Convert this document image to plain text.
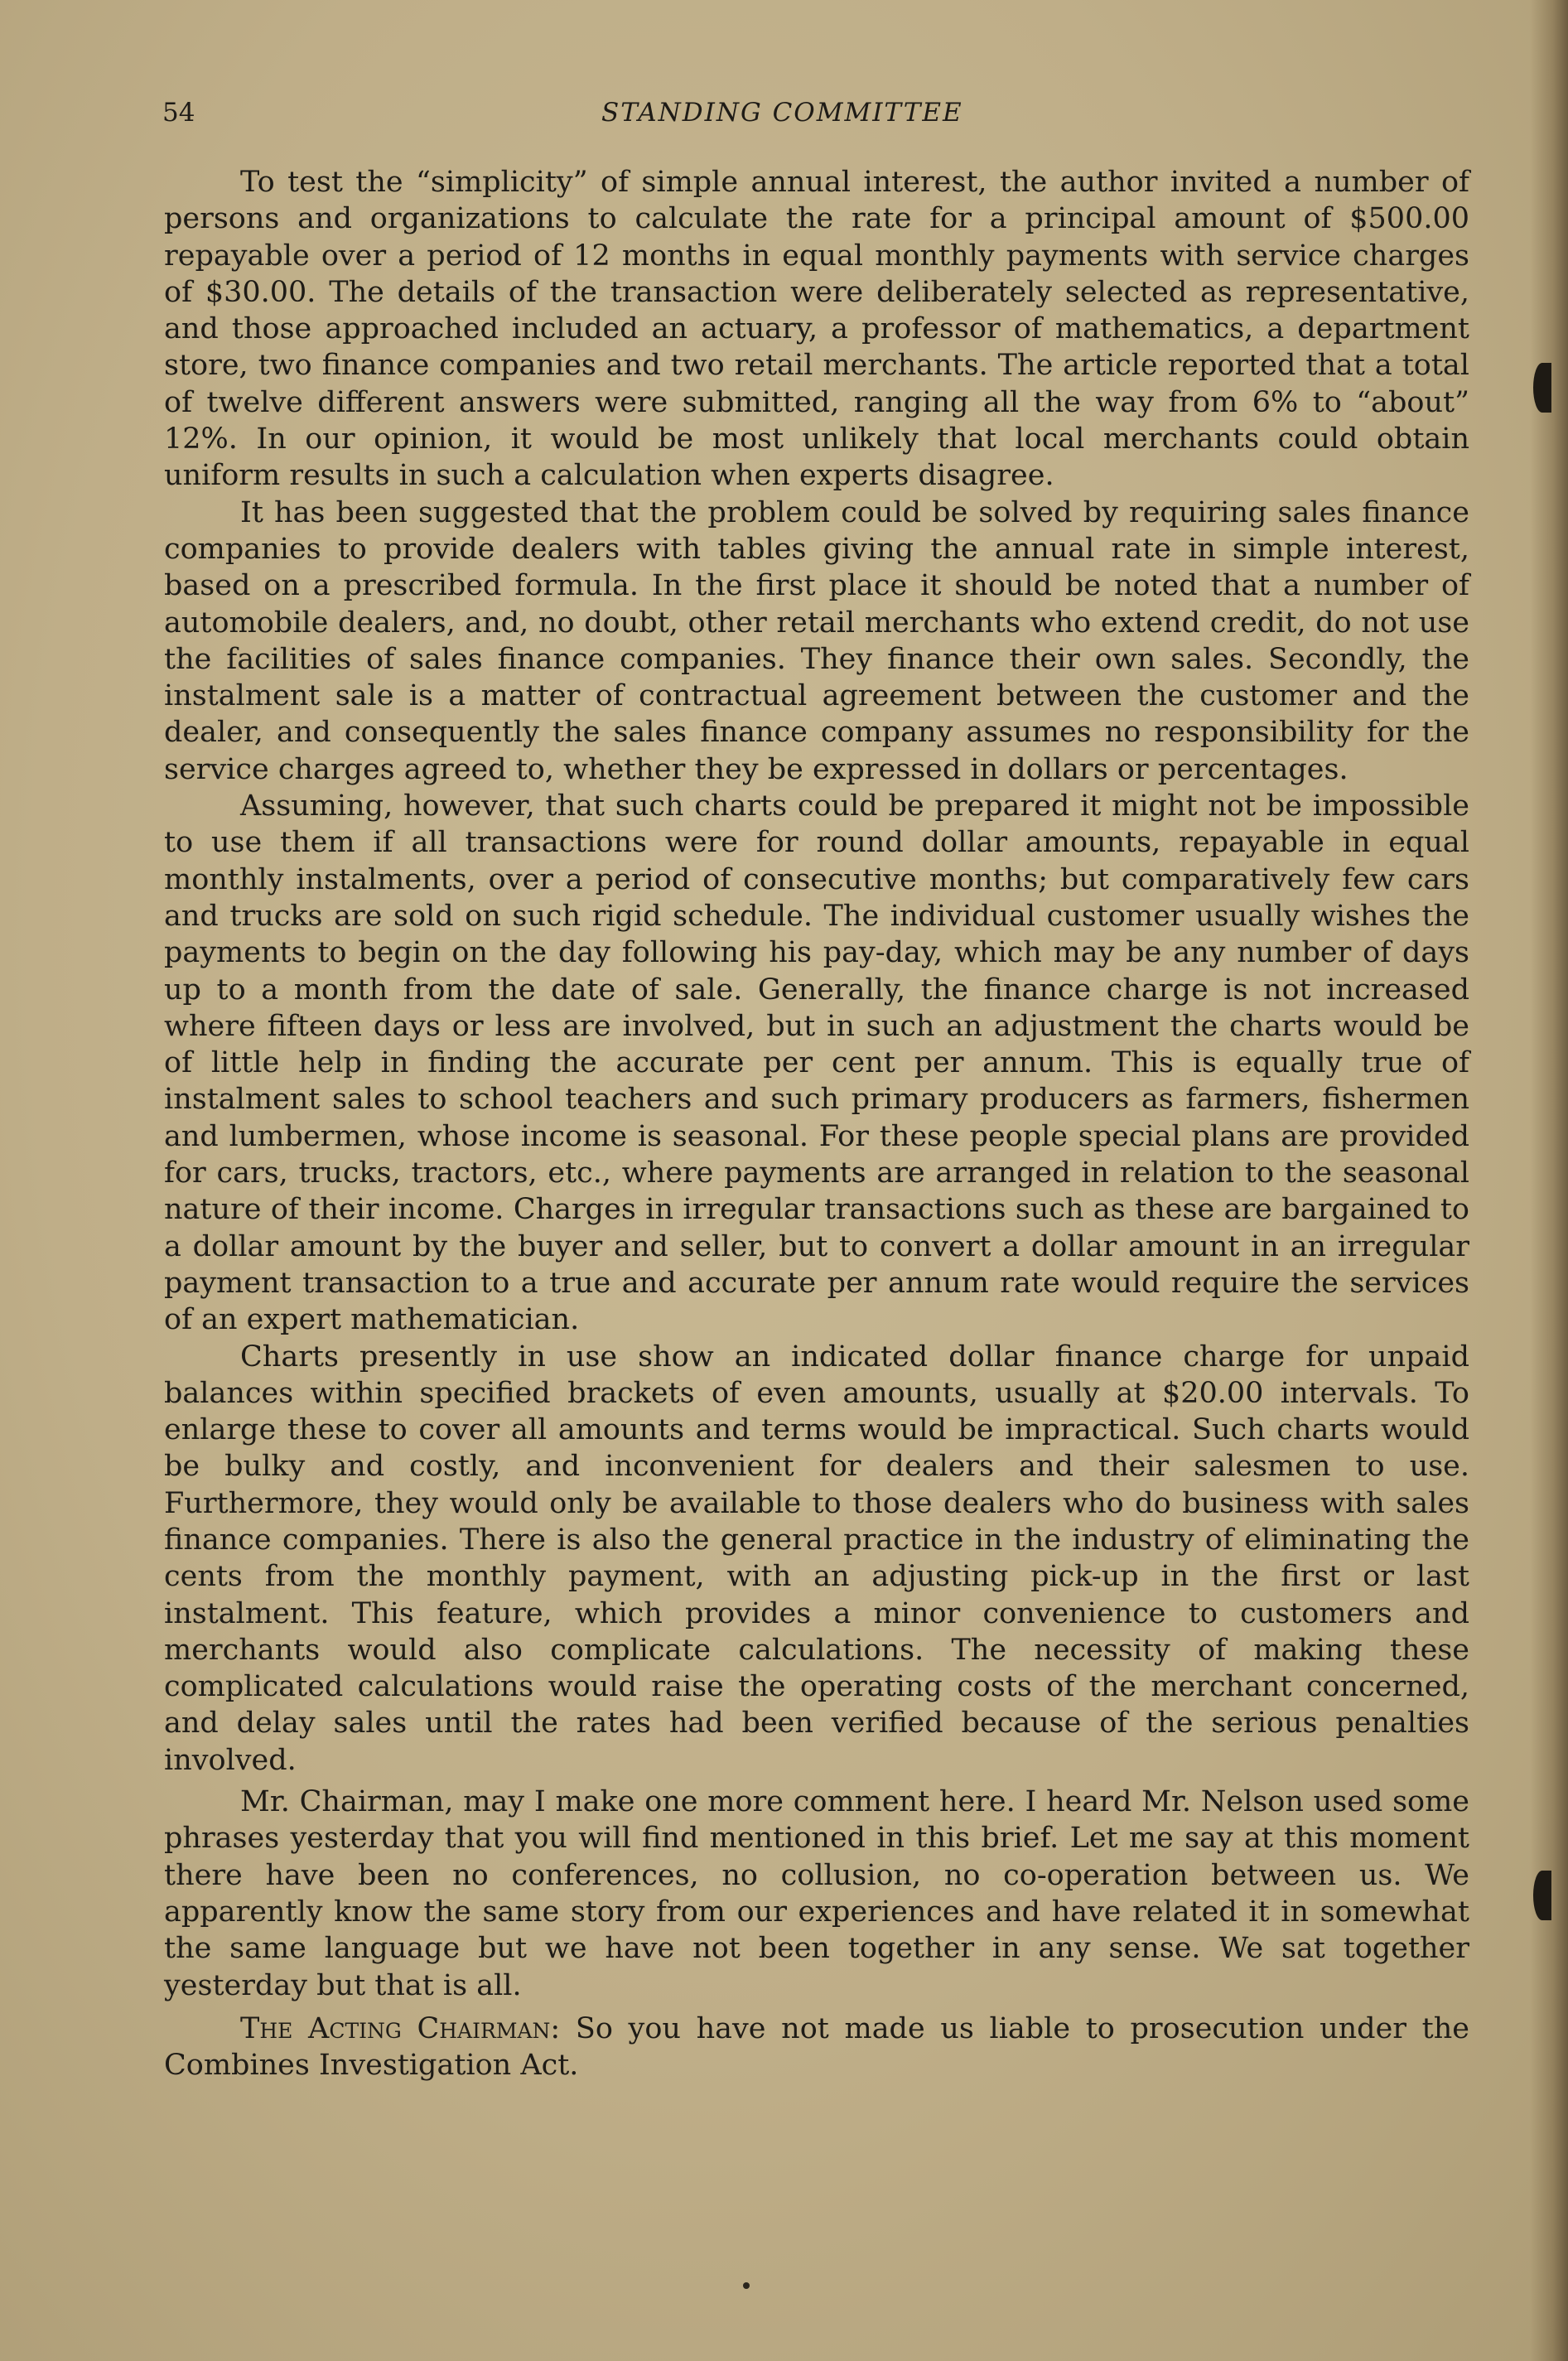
54	STANDING COMMITTEE

To test the “simplicity” of simple annual interest, the author invited a number of persons and organizations to calculate the rate for a principal amount of $500.00 repayable over a period of 12 months in equal monthly payments with service charges of $30.00. The details of the transaction were deliberately selected as representative, and those approached included an actuary, a professor of mathematics, a department store, two finance companies and two retail merchants. The article reported that a total of twelve different answers were submitted, ranging all the way from 6% to “about” 12%. In our opinion, it would be most unlikely that local merchants could obtain uniform results in such a calculation when experts disagree.

It has been suggested that the problem could be solved by requiring sales finance companies to provide dealers with tables giving the annual rate in simple interest, based on a prescribed formula. In the first place it should be noted that a number of automobile dealers, and, no doubt, other retail merchants who extend credit, do not use the facilities of sales finance companies. They finance their own sales. Secondly, the instalment sale is a matter of contractual agreement between the customer and the dealer, and consequently the sales finance company assumes no responsibility for the service charges agreed to, whether they be expressed in dollars or percentages.

Assuming, however, that such charts could be prepared it might not be impossible to use them if all transactions were for round dollar amounts, repayable in equal monthly instalments, over a period of consecutive months; but comparatively few cars and trucks are sold on such rigid schedule. The individual customer usually wishes the payments to begin on the day following his pay-day, which may be any number of days up to a month from the date of sale. Generally, the finance charge is not increased where fifteen days or less are involved, but in such an adjustment the charts would be of little help in finding the accurate per cent per annum. This is equally true of instalment sales to school teachers and such primary producers as farmers, fishermen and lumbermen, whose income is seasonal. For these people special plans are provided for cars, trucks, tractors, etc., where payments are arranged in relation to the seasonal nature of their income. Charges in irregular transactions such as these are bargained to a dollar amount by the buyer and seller, but to convert a dollar amount in an irregular payment transaction to a true and accurate per annum rate would require the services of an expert mathematician.

Charts presently in use show an indicated dollar finance charge for unpaid balances within specified brackets of even amounts, usually at $20.00 intervals. To enlarge these to cover all amounts and terms would be impractical. Such charts would be bulky and costly, and inconvenient for dealers and their salesmen to use. Furthermore, they would only be available to those dealers who do business with sales finance companies. There is also the general practice in the industry of eliminating the cents from the monthly payment, with an adjusting pick-up in the first or last instalment. This feature, which provides a minor convenience to customers and merchants would also complicate calculations. The necessity of making these complicated calculations would raise the operating costs of the merchant concerned, and delay sales until the rates had been verified because of the serious penalties involved.

Mr. Chairman, may I make one more comment here. I heard Mr. Nelson used some phrases yesterday that you will find mentioned in this brief. Let me say at this moment there have been no conferences, no collusion, no co-operation between us. We apparently know the same story from our experiences and have related it in somewhat the same language but we have not been together in any sense. We sat together yesterday but that is all.

The Acting Chairman: So you have not made us liable to prosecution under the Combines Investigation Act.
